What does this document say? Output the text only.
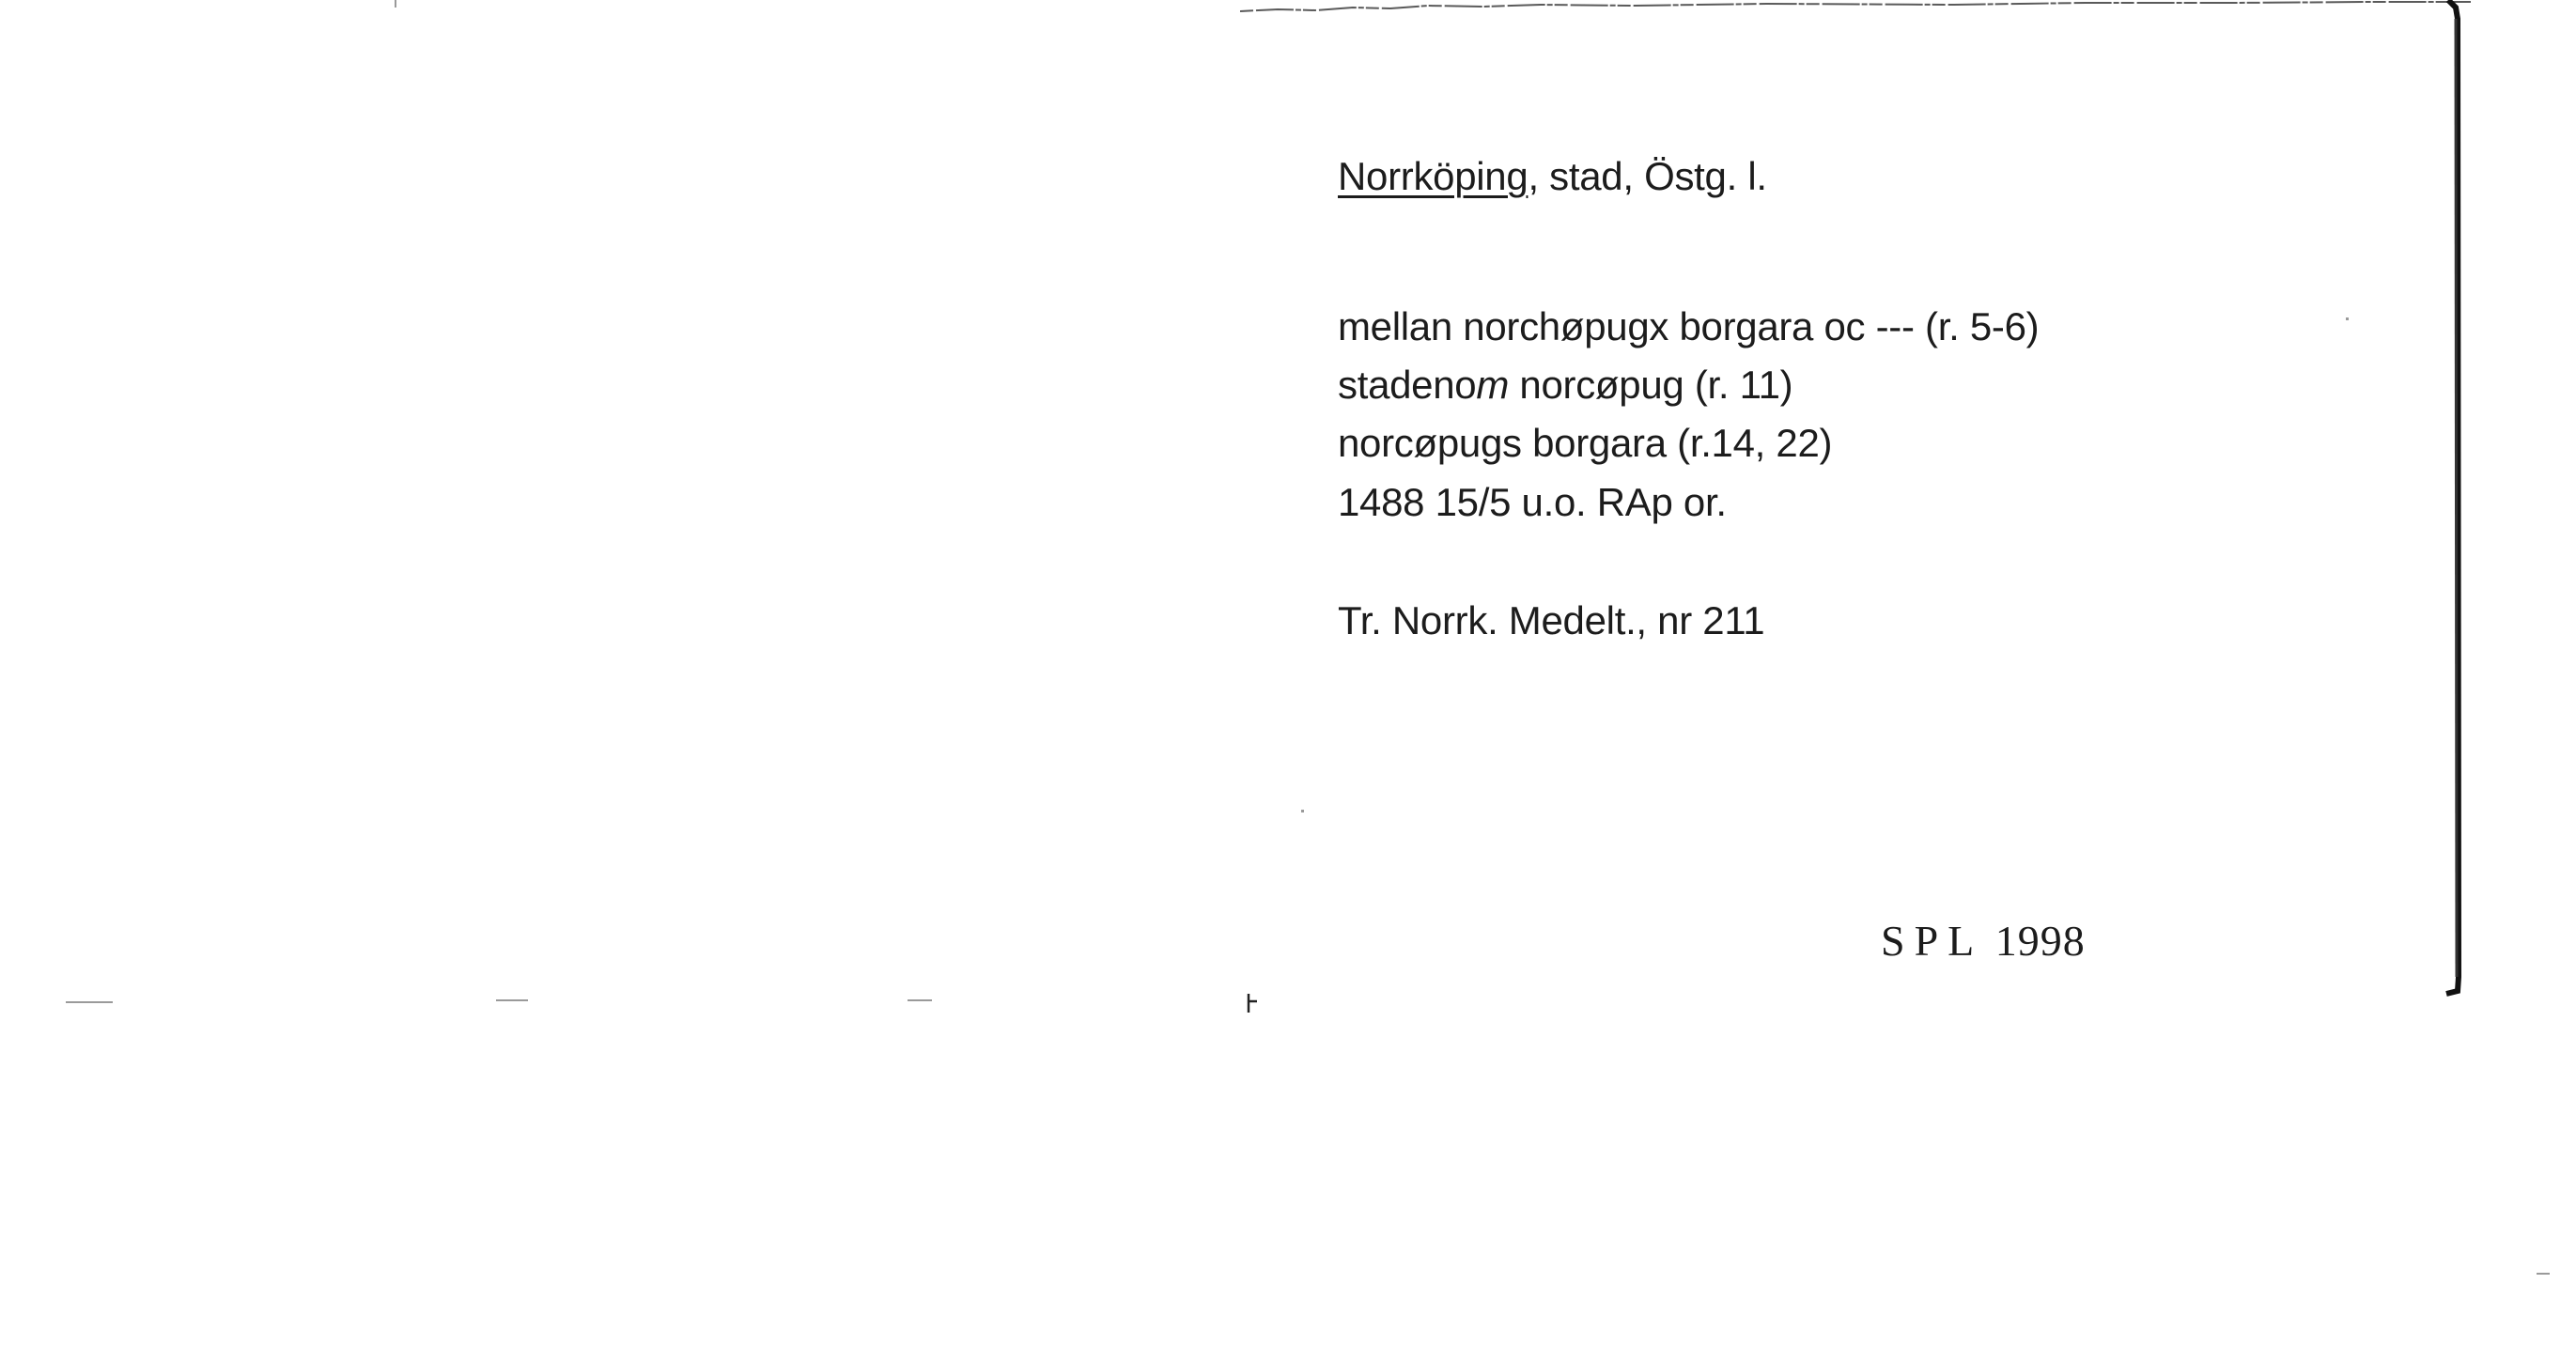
Norrköping, stad, Östg. l.

mellan norchøpugx borgara oc --- (r. 5-6)

stadenom norcøpug (r. 11)

norcøpugs borgara (r.14, 22)

1488 15/5 u.o. RAp or.

Tr. Norrk. Medelt., nr 211

SPL 1998
